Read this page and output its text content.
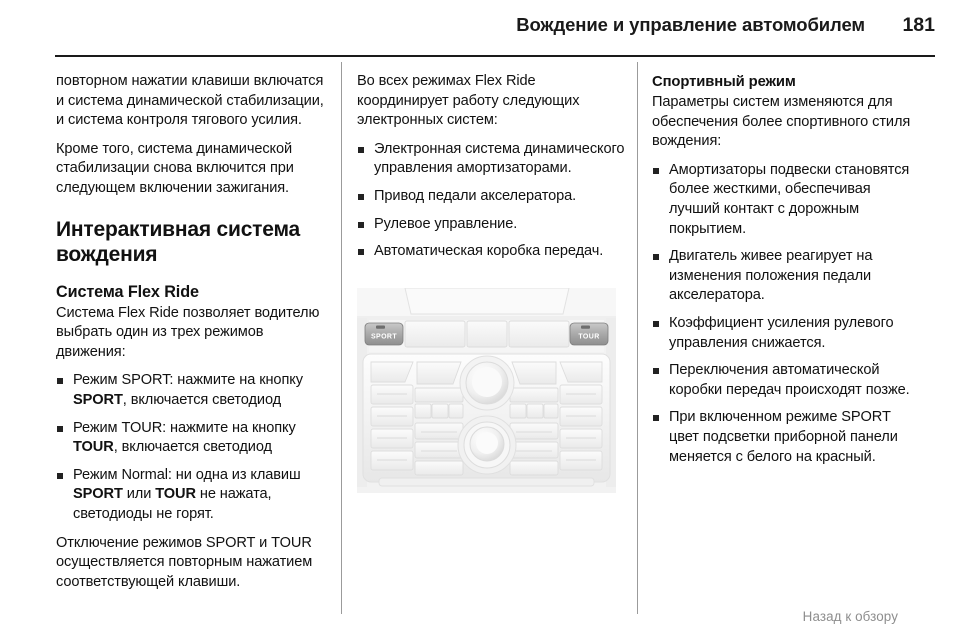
Вождение и управление автомобилем 181

повторном нажатии клавиши включатся и система динамической стабилизации, и система контроля тягового усилия.

Кроме того, система динамической стабилизации снова включится при следующем включении зажигания.

Интерактивная система вождения
Система Flex Ride

Система Flex Ride позволяет водителю выбрать один из трех режимов движения:

Режим SPORT: нажмите на кнопку SPORT, включается светодиод
Режим TOUR: нажмите на кнопку TOUR, включается светодиод
Режим Normal: ни одна из клавиш SPORT или TOUR не нажата, светодиоды не горят.

Отключение режимов SPORT и TOUR осуществляется повторным нажатием соответствующей клавиши.

Во всех режимах Flex Ride координирует работу следующих электронных систем:

Электронная система динамического управления амортизаторами.
Привод педали акселератора.
Рулевое управление.
Автоматическая коробка передач.
SPORT	TOUR
Спортивный режим

Параметры систем изменяются для обеспечения более спортивного стиля вождения:

Амортизаторы подвески становятся более жесткими, обеспечивая лучший контакт с дорожным покрытием.
Двигатель живее реагирует на изменения положения педали акселератора.
Коэффициент усиления рулевого управления снижается.
Переключения автоматической коробки передач происходят позже.
При включенном режиме SPORT цвет подсветки приборной панели меняется с белого на красный.
Назад к обзору
